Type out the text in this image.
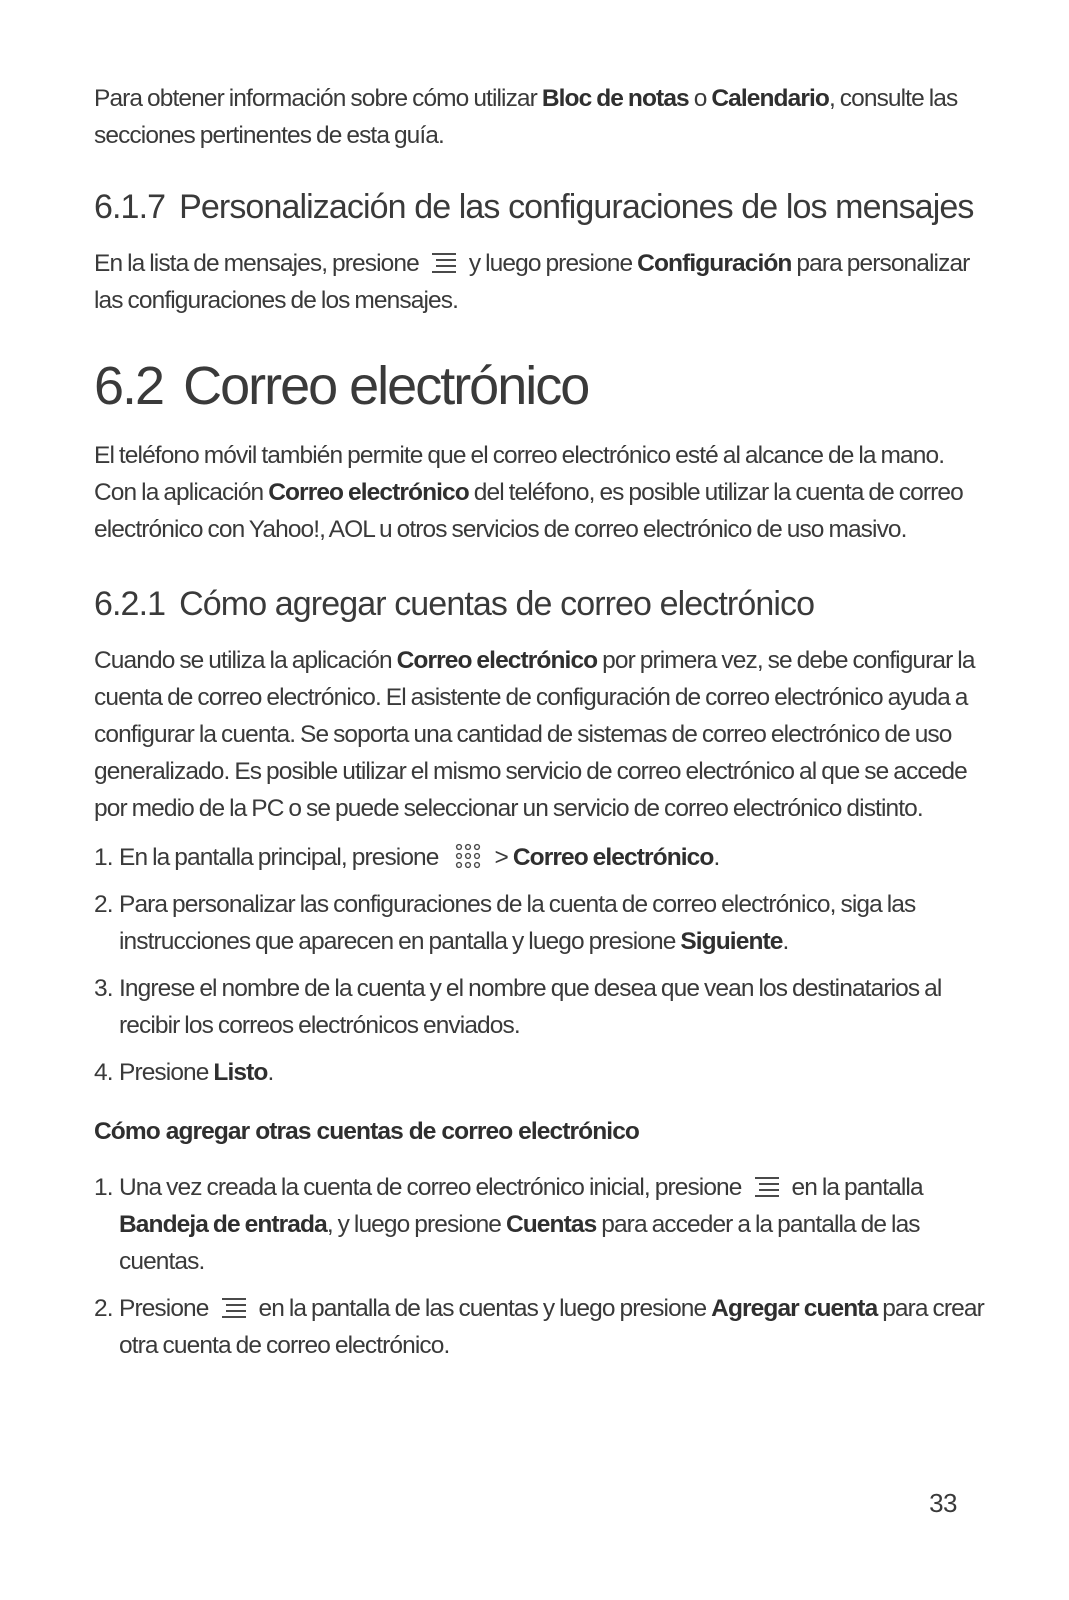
Para obtener información sobre cómo utilizar Bloc de notas o Calendario, consulte las secciones pertinentes de esta guía.

6.1.7 Personalización de las configuraciones de los mensajes

En la lista de mensajes, presione y luego presione Configuración para personalizar las configuraciones de los mensajes.

6.2 Correo electrónico

El teléfono móvil también permite que el correo electrónico esté al alcance de la mano. Con la aplicación Correo electrónico del teléfono, es posible utilizar la cuenta de correo electrónico con Yahoo!, AOL u otros servicios de correo electrónico de uso masivo.

6.2.1 Cómo agregar cuentas de correo electrónico

Cuando se utiliza la aplicación Correo electrónico por primera vez, se debe configurar la cuenta de correo electrónico. El asistente de configuración de correo electrónico ayuda a configurar la cuenta. Se soporta una cantidad de sistemas de correo electrónico de uso generalizado. Es posible utilizar el mismo servicio de correo electrónico al que se accede por medio de la PC o se puede seleccionar un servicio de correo electrónico distinto.

1. En la pantalla principal, presione > Correo electrónico.
2. Para personalizar las configuraciones de la cuenta de correo electrónico, siga las instrucciones que aparecen en pantalla y luego presione Siguiente.
3. Ingrese el nombre de la cuenta y el nombre que desea que vean los destinatarios al recibir los correos electrónicos enviados.
4. Presione Listo.
Cómo agregar otras cuentas de correo electrónico
1. Una vez creada la cuenta de correo electrónico inicial, presione en la pantalla Bandeja de entrada, y luego presione Cuentas para acceder a la pantalla de las cuentas.
2. Presione en la pantalla de las cuentas y luego presione Agregar cuenta para crear otra cuenta de correo electrónico.
33
